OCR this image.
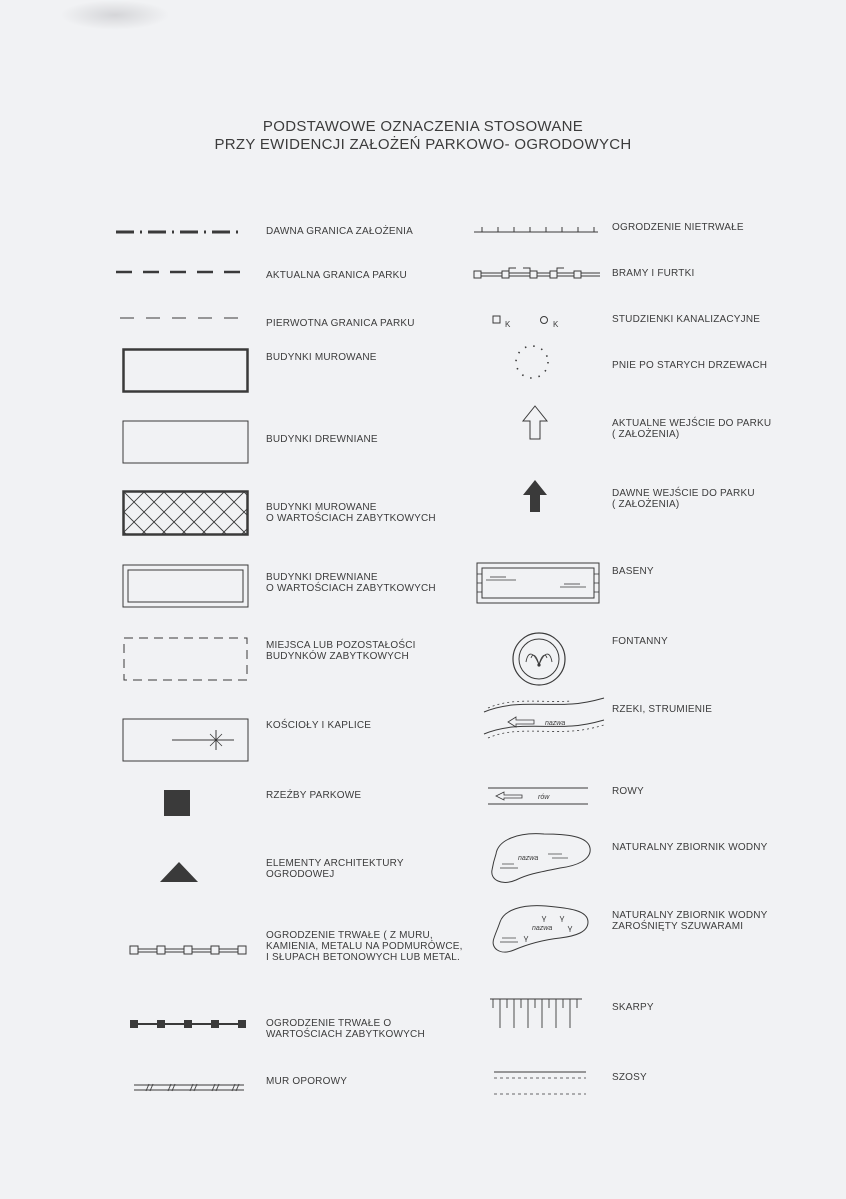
PODSTAWOWE OZNACZENIA STOSOWANE
PRZY EWIDENCJI ZAŁOŻEŃ PARKOWO- OGRODOWYCH
DAWNA GRANICA ZAŁOŻENIA
AKTUALNA GRANICA PARKU
PIERWOTNA GRANICA PARKU
BUDYNKI MUROWANE
BUDYNKI DREWNIANE
BUDYNKI MUROWANE
O WARTOŚCIACH ZABYTKOWYCH
BUDYNKI DREWNIANE
O WARTOŚCIACH ZABYTKOWYCH
MIEJSCA LUB POZOSTAŁOŚCI
BUDYNKÓW ZABYTKOWYCH
KOŚCIOŁY I KAPLICE
RZEŹBY PARKOWE
ELEMENTY ARCHITEKTURY
OGRODOWEJ
OGRODZENIE TRWAŁE ( Z MURU,
KAMIENIA, METALU NA PODMURÓWCE,
I SŁUPACH BETONOWYCH LUB METAL.
OGRODZENIE TRWAŁE O
WARTOŚCIACH ZABYTKOWYCH
MUR OPOROWY
K	K
nazwa
rów
nazwa
nazwa
OGRODZENIE NIETRWAŁE
BRAMY I FURTKI
STUDZIENKI KANALIZACYJNE
PNIE PO STARYCH DRZEWACH
AKTUALNE WEJŚCIE DO PARKU
( ZAŁOŻENIA)
DAWNE WEJŚCIE DO PARKU
( ZAŁOŻENIA)
BASENY
FONTANNY
RZEKI, STRUMIENIE
ROWY
NATURALNY ZBIORNIK WODNY
NATURALNY ZBIORNIK WODNY
ZAROŚNIĘTY SZUWARAMI
SKARPY
SZOSY
